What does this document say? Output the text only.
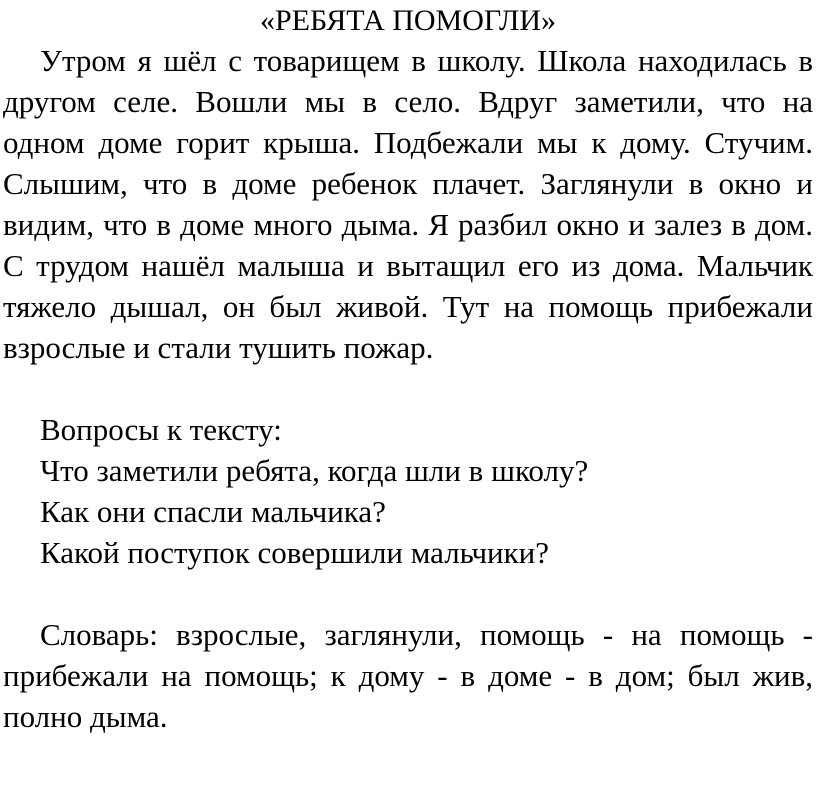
«РЕБЯТА ПОМОГЛИ»

Утром я шёл с товарищем в школу. Школа находилась в другом селе. Вошли мы в село. Вдруг заметили, что на одном доме горит крыша. Подбежали мы к дому. Стучим. Слышим, что в доме ребенок плачет. Заглянули в окно и видим, что в доме много дыма. Я разбил окно и залез в дом. С трудом нашёл малыша и вытащил его из дома. Мальчик тяжело дышал, он был живой. Тут на помощь прибежали взрослые и стали тушить пожар.

Вопросы к тексту:

Что заметили ребята, когда шли в школу?

Как они спасли мальчика?

Какой поступок совершили мальчики?

Словарь: взрослые, заглянули, помощь - на помощь - прибежали на помощь; к дому - в доме - в дом; был жив, полно дыма.
